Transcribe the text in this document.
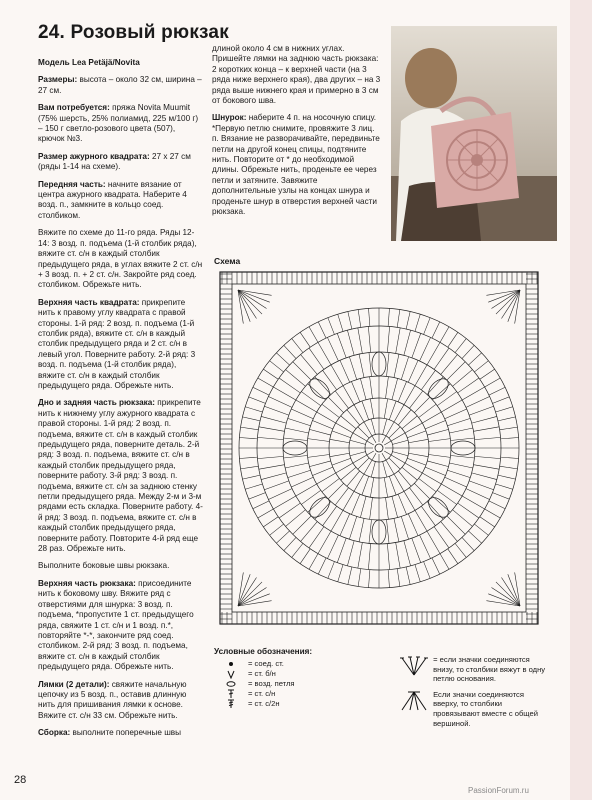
24. Розовый рюкзак

Модель Lea Petäjä/Novita

Размеры: высота – около 32 см, ширина – 27 см.

Вам потребуется: пряжа Novita Muumit (75% шерсть, 25% полиамид, 225 м/100 г) – 150 г светло-розового цвета (507), крючок №3.

Размер ажурного квадрата: 27 х 27 см (ряды 1-14 на схеме).

Передняя часть: начните вязание от центра ажурного квадрата. Наберите 4 возд. п., замкните в кольцо соед. столбиком.

Вяжите по схеме до 11-го ряда. Ряды 12-14: 3 возд. п. подъема (1-й столбик ряда), вяжите ст. с/н в каждый столбик предыдущего ряда, в углах вяжите 2 ст. с/н + 3 возд. п. + 2 ст. с/н. Закройте ряд соед. столбиком. Обрежьте нить.

Верхняя часть квадрата: прикрепите нить к правому углу квадрата с правой стороны. 1-й ряд: 2 возд. п. подъема (1-й столбик ряда), вяжите ст. с/н в каждый столбик предыдущего ряда и 2 ст. с/н в левый угол. Поверните работу. 2-й ряд: 3 возд. п. подъема (1-й столбик ряда), вяжите ст. с/н в каждый столбик предыдущего ряда. Обрежьте нить.

Дно и задняя часть рюкзака: прикрепите нить к нижнему углу ажурного квадрата с правой стороны. 1-й ряд: 2 возд. п. подъема, вяжите ст. с/н в каждый столбик предыдущего ряда, поверните деталь. 2-й ряд: 3 возд. п. подъема, вяжите ст. с/н в каждый столбик предыдущего ряда, поверните работу. 3-й ряд: 3 возд. п. подъема, вяжите ст. с/н за заднюю стенку петли предыдущего ряда. Между 2-м и 3-м рядами есть складка. Поверните работу. 4-й ряд: 3 возд. п. подъема, вяжите ст. с/н в каждый столбик предыдущего ряда, поверните работу. Повторите 4-й ряд еще 28 раз. Обрежьте нить.

Выполните боковые швы рюкзака.

Верхняя часть рюкзака: присоедините нить к боковому шву. Вяжите ряд с отверстиями для шнурка: 3 возд. п. подъема, *пропустите 1 ст. предыдущего ряда, свяжите 1 ст. с/н и 1 возд. п.*, повторяйте *-*, закончите ряд соед. столбиком. 2-й ряд: 3 возд. п. подъема, вяжите ст. с/н в каждый столбик предыдущего ряда. Обрежьте нить.

Лямки (2 детали): свяжите начальную цепочку из 5 возд. п., оставив длинную нить для пришивания лямки к основе. Вяжите ст. с/н 33 см. Обрежьте нить.

Сборка: выполните поперечные швы

длиной около 4 см в нижних углах. Пришейте лямки на заднюю часть рюкзака: 2 коротких конца – к верхней части (на 3 ряда ниже верхнего края), два других – на 3 ряда выше нижнего края и примерно в 3 см от бокового шва.

Шнурок: наберите 4 п. на носочную спицу. *Первую петлю снимите, провяжите 3 лиц. п. Вязание не разворачивайте, передвиньте петли на другой конец спицы, подтяните нить. Повторите от * до необходимой длины. Обрежьте нить, проденьте ее через петли и затяните. Завяжите дополнительные узлы на концах шнура и проденьте шнур в отверстия верхней части рюкзака.

Схема
Условные обозначения:
= соед. ст.
= ст. б/н
= возд. петля
= ст. с/н
= ст. с/2н
= если значки соединяются внизу, то столбики вяжут в одну петлю основания.
Если значки соединяются вверху, то столбики провязывают вместе с общей вершиной.
28
PassionForum.ru
